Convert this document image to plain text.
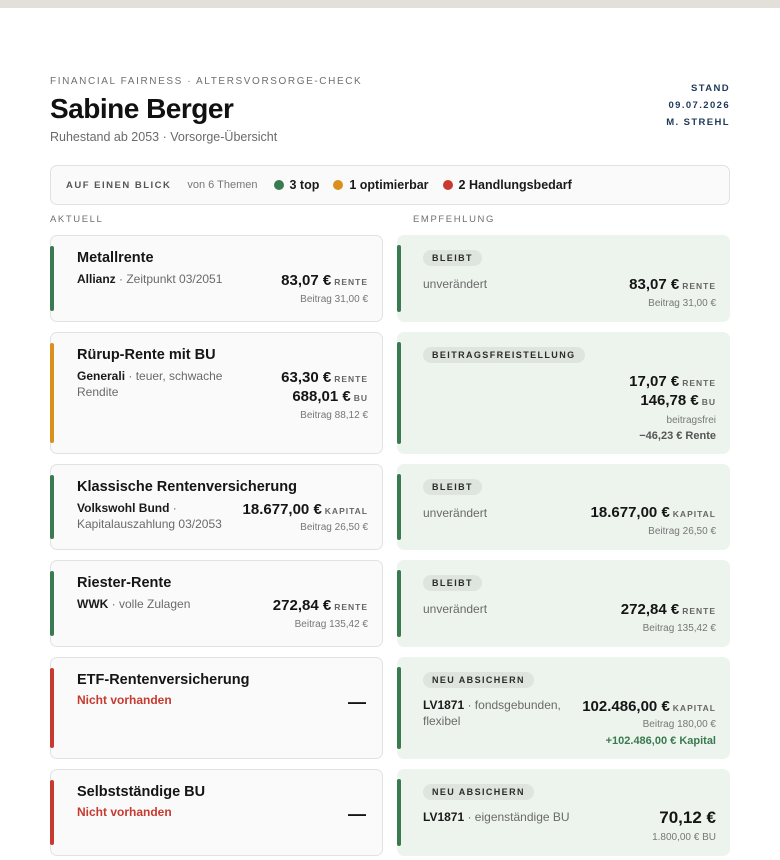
FINANCIAL FAIRNESS · ALTERSVORSORGE-CHECK
Sabine Berger
Ruhestand ab 2053 · Vorsorge-Übersicht
STAND
09.07.2026
M. STREHL
AUF EINEN BLICK von 6 Themen	3 top 1 optimierbar 2 Handlungsbedarf
AKTUELL	EMPFEHLUNG
Metallrente
Allianz · Zeitpunkt 03/2051	83,07 € RENTE
Beitrag 31,00 €
BLEIBT
unverändert	83,07 € RENTE
Beitrag 31,00 €
Rürup-Rente mit BU
Generali · teuer, schwache
Rendite
63,30 € RENTE
688,01 € BU
Beitrag 88,12 €
BEITRAGSFREISTELLUNG
17,07 € RENTE
146,78 € BU
beitragsfrei
−46,23 € Rente
Klassische Rentenversicherung
Volkswohl Bund ·
Kapitalauszahlung 03/2053
18.677,00 € KAPITAL
Beitrag 26,50 €
BLEIBT
unverändert	18.677,00 € KAPITAL
Beitrag 26,50 €
Riester-Rente
WWK · volle Zulagen	272,84 € RENTE
Beitrag 135,42 €
BLEIBT
unverändert	272,84 € RENTE
Beitrag 135,42 €
ETF-Rentenversicherung
Nicht vorhanden	—
NEU ABSICHERN
LV1871 · fondsgebunden,
flexibel
102.486,00 € KAPITAL
Beitrag 180,00 €
+102.486,00 € Kapital
Selbstständige BU
Nicht vorhanden	—
NEU ABSICHERN
LV1871 · eigenständige BU	70,12 €
1.800,00 € BU
